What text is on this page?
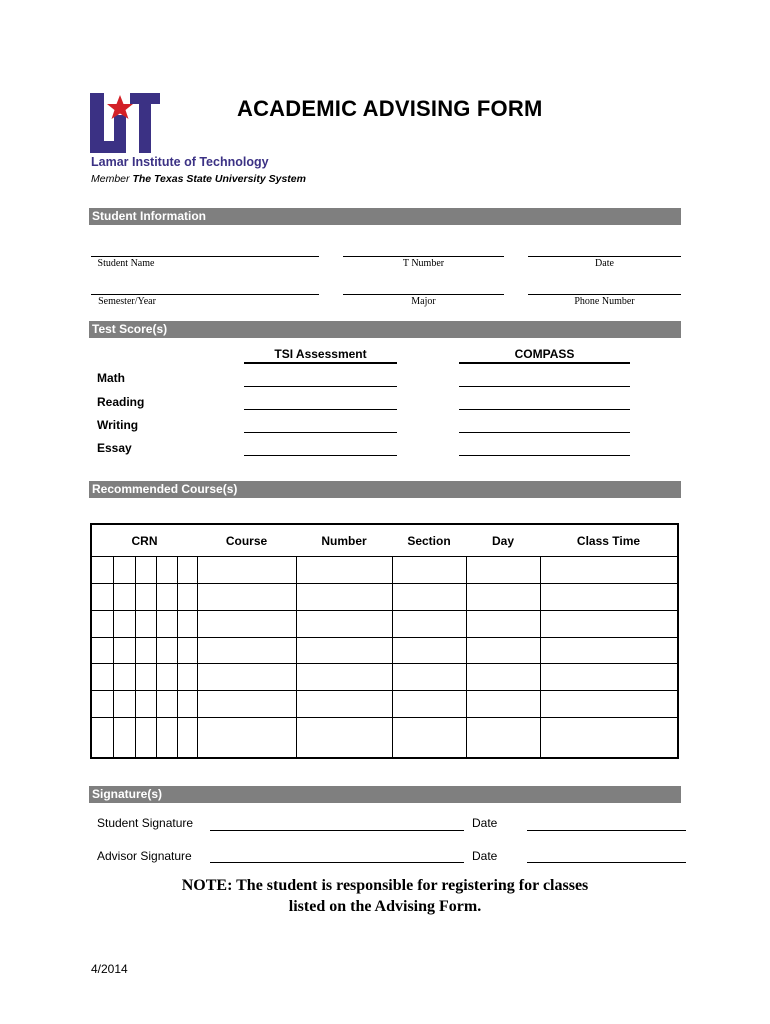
ACADEMIC ADVISING FORM
Lamar Institute of Technology
Member The Texas State University System
Student Information
Student Name	T Number	Date
Semester/Year	Major	Phone Number
Test Score(s)
TSI Assessment	COMPASS
Math
Reading
Writing
Essay
Recommended Course(s)
CRN					Course	Number	Section	Day	Class Time

Signature(s)
Student Signature	Date
Advisor Signature	Date
NOTE: The student is responsible for registering for classes
listed on the Advising Form.
4/2014
